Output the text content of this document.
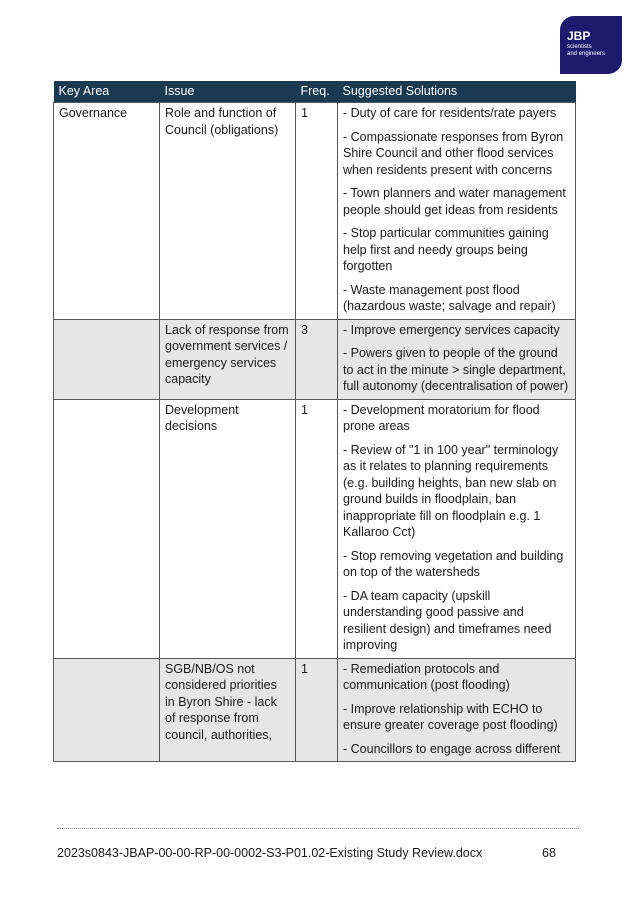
JBP
scientists
and engineers
Key Area	Issue	Freq.	Suggested Solutions
Governance	Role and function of Council (obligations)	1	- Duty of care for residents/rate payers

- Compassionate responses from Byron Shire Council and other flood services when residents present with concerns

- Town planners and water management people should get ideas from residents

- Stop particular communities gaining help first and needy groups being forgotten

- Waste management post flood (hazardous waste; salvage and repair)

	Lack of response from government services / emergency services capacity	3	- Improve emergency services capacity

- Powers given to people of the ground to act in the minute > single department, full autonomy (decentralisation of power)

	Development decisions	1	- Development moratorium for flood prone areas

- Review of "1 in 100 year" terminology as it relates to planning requirements (e.g. building heights, ban new slab on ground builds in floodplain, ban inappropriate fill on floodplain e.g. 1 Kallaroo Cct)

- Stop removing vegetation and building on top of the watersheds

- DA team capacity (upskill understanding good passive and resilient design) and timeframes need improving

	SGB/NB/OS not considered priorities in Byron Shire - lack of response from council, authorities,	1	- Remediation protocols and communication (post flooding)

- Improve relationship with ECHO to ensure greater coverage post flooding)

- Councillors to engage across different

2023s0843-JBAP-00-00-RP-00-0002-S3-P01.02-Existing Study Review.docx	68
